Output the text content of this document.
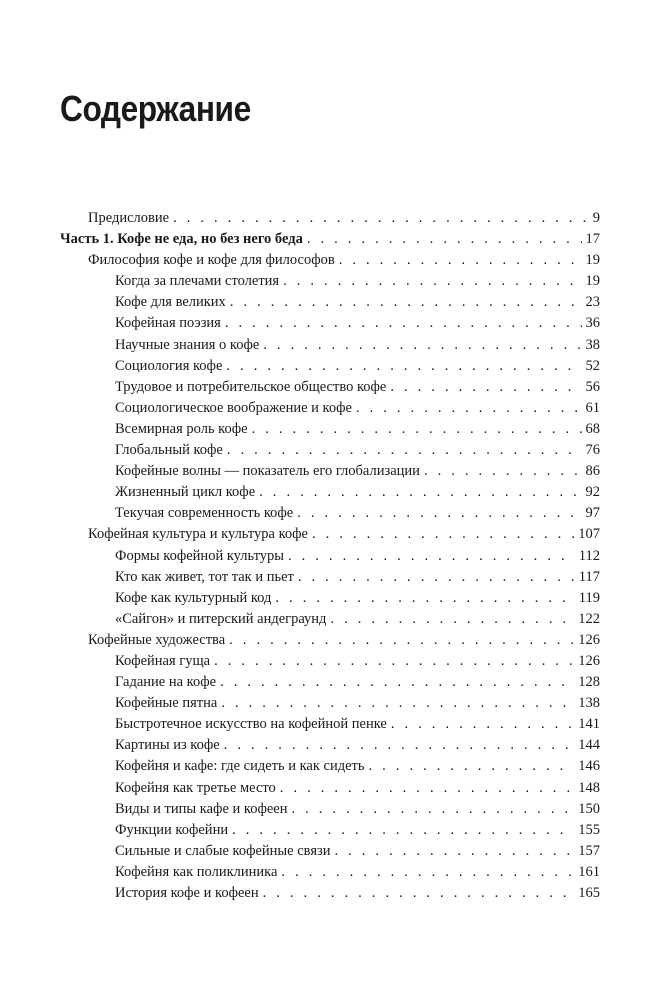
Содержание
Предисловие . . .	9
Часть 1. Кофе не еда, но без него беда . . .	17
Философия кофе и кофе для философов . . .	19
Когда за плечами столетия . . .	19
Кофе для великих . . .	23
Кофейная поэзия . . .	36
Научные знания о кофе . . .	38
Социология кофе . . .	52
Трудовое и потребительское общество кофе . . .	56
Социологическое воображение и кофе . . .	61
Всемирная роль кофе . . .	68
Глобальный кофе . . .	76
Кофейные волны — показатель его глобализации . . .	86
Жизненный цикл кофе . . .	92
Текучая современность кофе . . .	97
Кофейная культура и культура кофе . . .	107
Формы кофейной культуры . . .	112
Кто как живет, тот так и пьет . . .	117
Кофе как культурный код . . .	119
«Сайгон» и питерский андеграунд . . .	122
Кофейные художества . . .	126
Кофейная гуща . . .	126
Гадание на кофе . . .	128
Кофейные пятна . . .	138
Быстротечное искусство на кофейной пенке . . .	141
Картины из кофе . . .	144
Кофейня и кафе: где сидеть и как сидеть . . .	146
Кофейня как третье место . . .	148
Виды и типы кафе и кофеен . . .	150
Функции кофейни . . .	155
Сильные и слабые кофейные связи . . .	157
Кофейня как поликлиника . . .	161
История кофе и кофеен . . .	165
